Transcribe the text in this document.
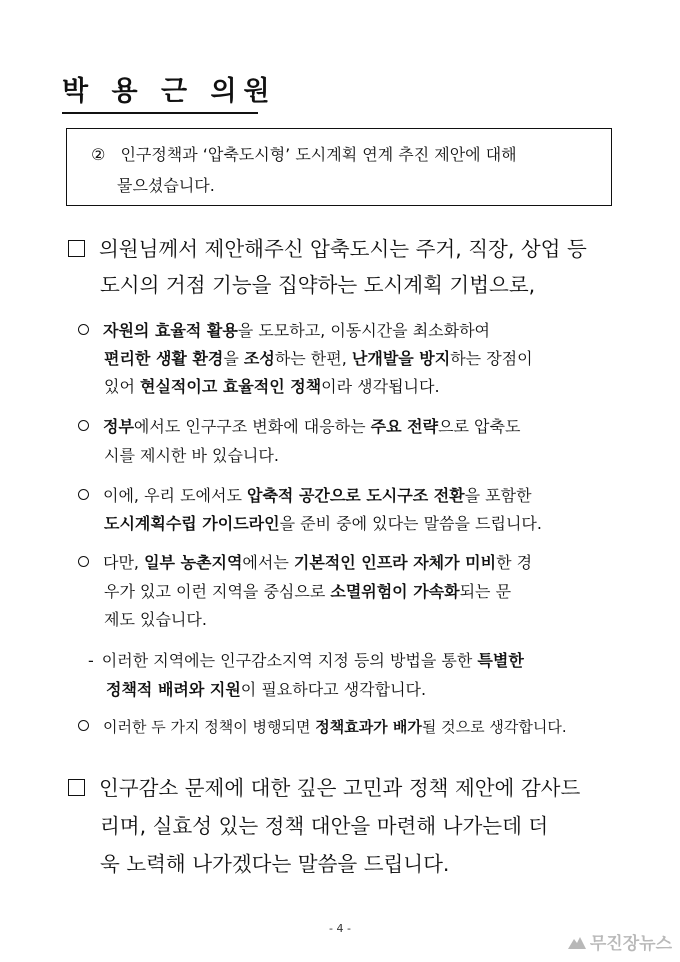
박 용 근 의원
② 인구정책과 ‘압축도시형’ 도시계획 연계 추진 제안에 대해
물으셨습니다.
의원님께서 제안해주신 압축도시는 주거, 직장, 상업 등
도시의 거점 기능을 집약하는 도시계획 기법으로,
자원의 효율적 활용을 도모하고, 이동시간을 최소화하여
편리한 생활 환경을 조성하는 한편, 난개발을 방지하는 장점이
있어 현실적이고 효율적인 정책이라 생각됩니다.
정부에서도 인구구조 변화에 대응하는 주요 전략으로 압축도
시를 제시한 바 있습니다.
이에, 우리 도에서도 압축적 공간으로 도시구조 전환을 포함한
도시계획수립 가이드라인을 준비 중에 있다는 말씀을 드립니다.
다만, 일부 농촌지역에서는 기본적인 인프라 자체가 미비한 경
우가 있고 이런 지역을 중심으로 소멸위험이 가속화되는 문
제도 있습니다.
- 이러한 지역에는 인구감소지역 지정 등의 방법을 통한 특별한
정책적 배려와 지원이 필요하다고 생각합니다.
이러한 두 가지 정책이 병행되면 정책효과가 배가될 것으로 생각합니다.
인구감소 문제에 대한 깊은 고민과 정책 제안에 감사드
리며, 실효성 있는 정책 대안을 마련해 나가는데 더
욱 노력해 나가겠다는 말씀을 드립니다.
- 4 -
무진장뉴스
